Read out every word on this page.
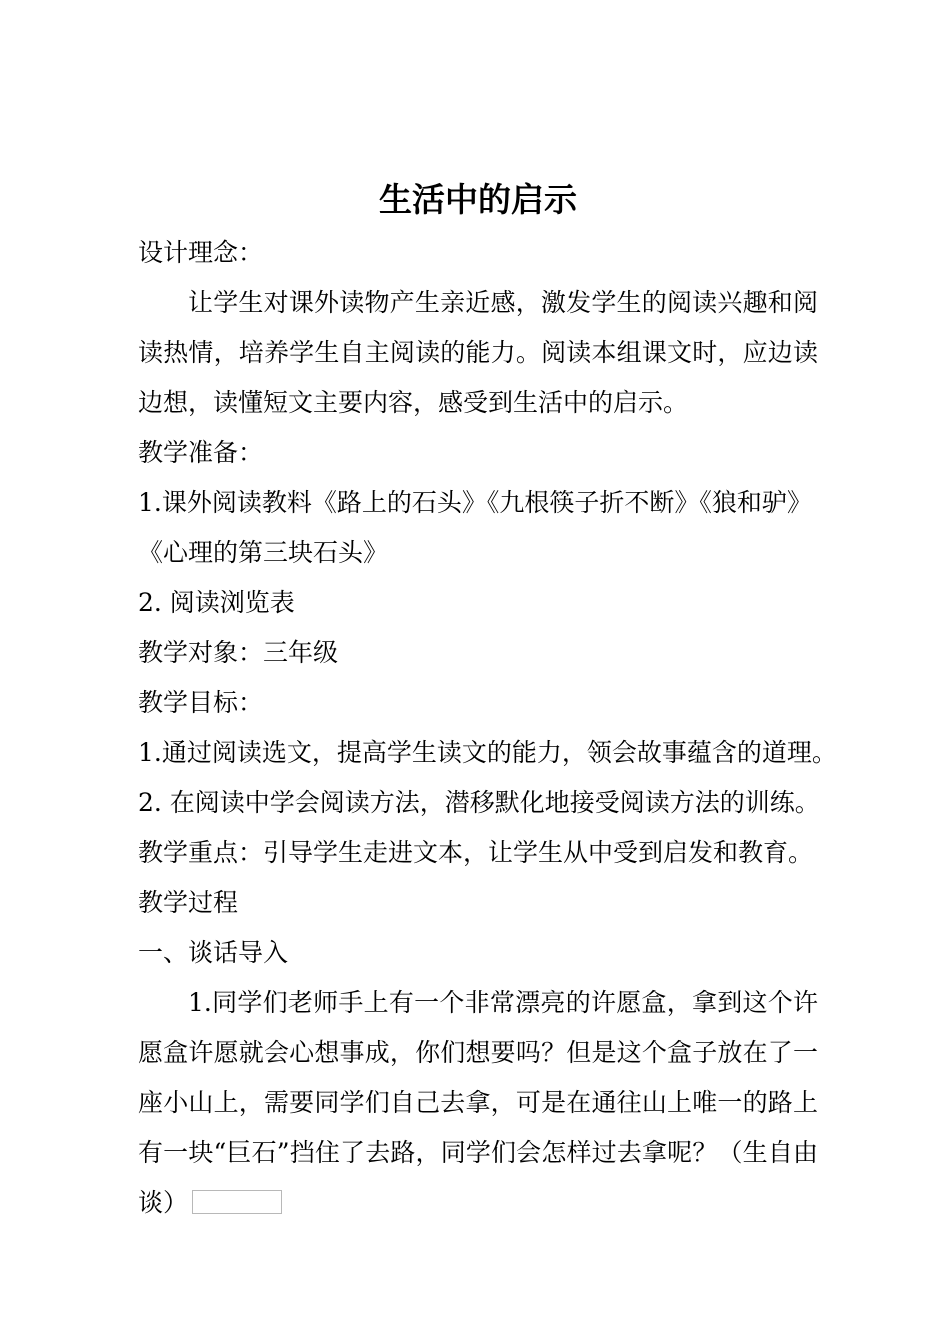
生活中的启示

设计理念：

让学生对课外读物产生亲近感，激发学生的阅读兴趣和阅读热情，培养学生自主阅读的能力。阅读本组课文时，应边读边想，读懂短文主要内容，感受到生活中的启示。

教学准备：

1.课外阅读教料《路上的石头》《九根筷子折不断》《狼和驴》

《心理的第三块石头》

2. 阅读浏览表

教学对象：三年级

教学目标：

1.通过阅读选文，提高学生读文的能力，领会故事蕴含的道理。

2. 在阅读中学会阅读方法，潜移默化地接受阅读方法的训练。

教学重点：引导学生走进文本，让学生从中受到启发和教育。

教学过程

一、谈话导入

1.同学们老师手上有一个非常漂亮的许愿盒，拿到这个许愿盒许愿就会心想事成，你们想要吗？但是这个盒子放在了一座小山上，需要同学们自己去拿，可是在通往山上唯一的路上有一块“巨石”挡住了去路，同学们会怎样过去拿呢？（生自由谈）
